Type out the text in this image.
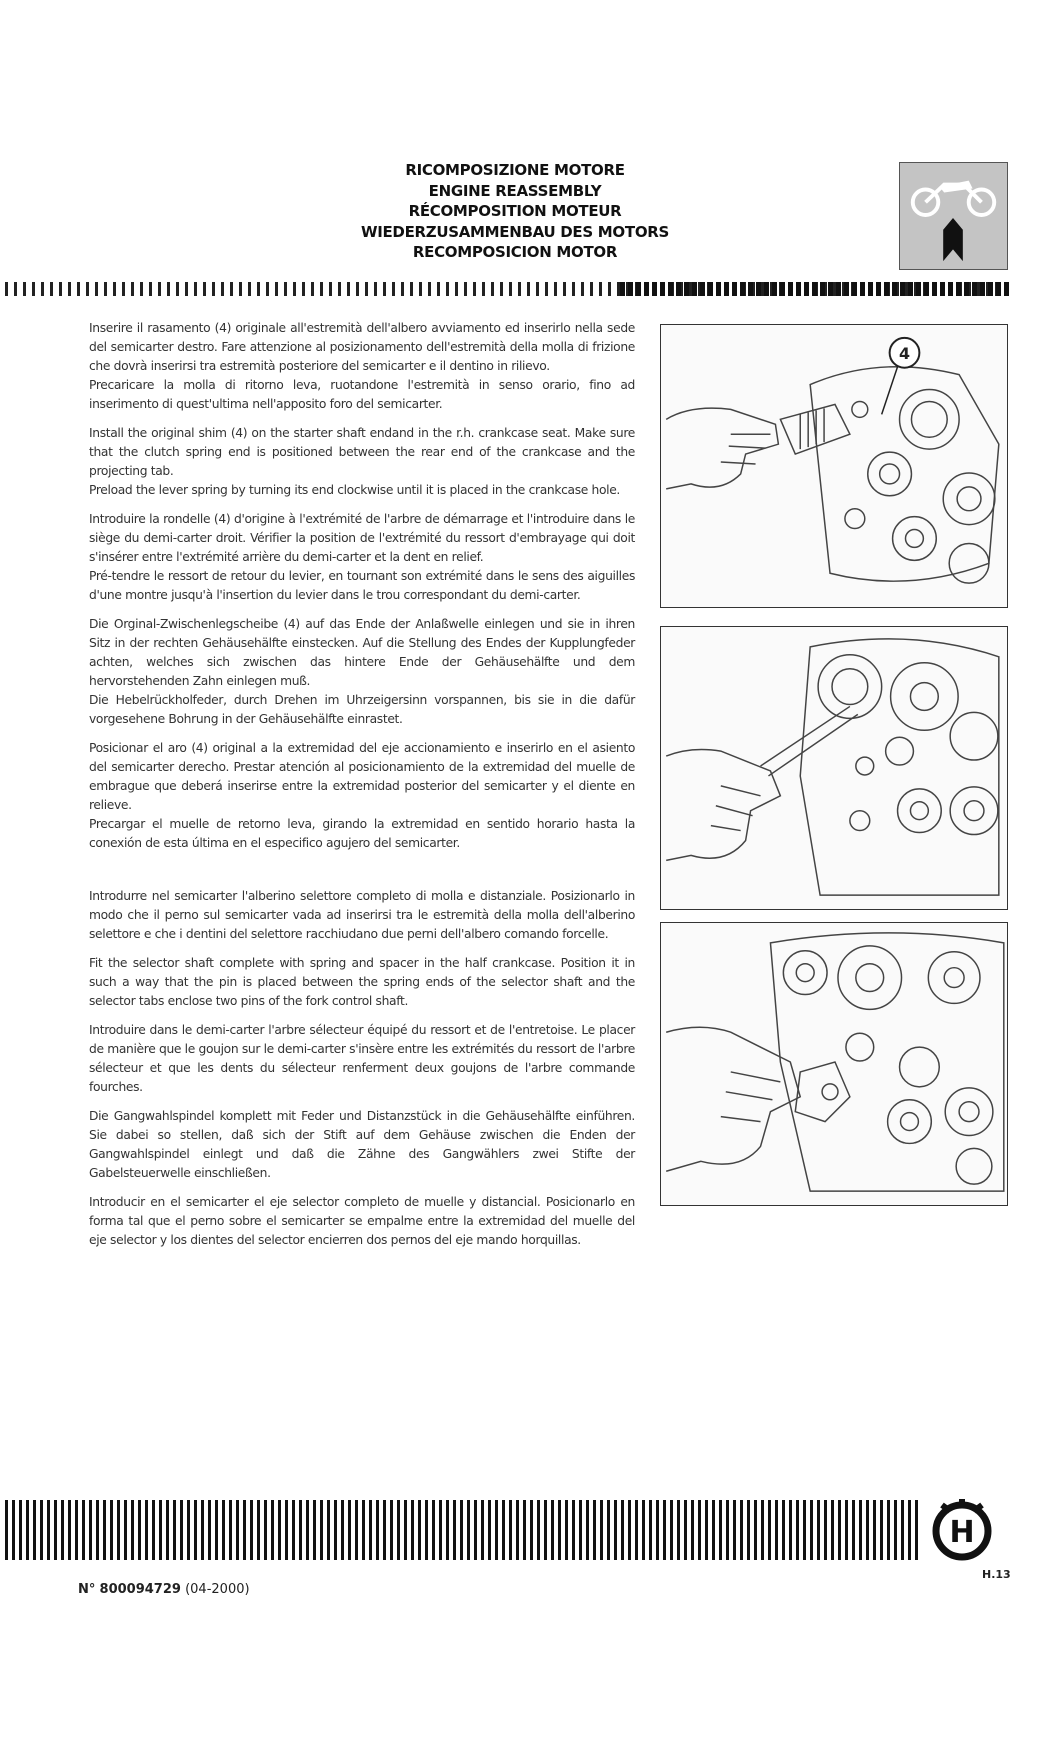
RICOMPOSIZIONE MOTORE
ENGINE REASSEMBLY
RÉCOMPOSITION MOTEUR
WIEDERZUSAMMENBAU DES MOTORS
RECOMPOSICION MOTOR

Inserire il rasamento (4) originale all'estremità dell'albero avviamento ed inserirlo nella sede del semicarter destro. Fare attenzione al posizionamento dell'estremità della molla di frizione che dovrà inserirsi tra estremità posteriore del semicarter e il dentino in rilievo.
Precaricare la molla di ritorno leva, ruotandone l'estremità in senso orario, fino ad inserimento di quest'ultima nell'apposito foro del semicarter.

Install the original shim (4) on the starter shaft endand in the r.h. crankcase seat. Make sure that the clutch spring end is positioned between the rear end of the crankcase and the projecting tab.
Preload the lever spring by turning its end clockwise until it is placed in the crankcase hole.

Introduire la rondelle (4) d'origine à l'extrémité de l'arbre de démarrage et l'introduire dans le siège du demi-carter droit. Vérifier la position de l'extrémité du ressort d'embrayage qui doit s'insérer entre l'extrémité arrière du demi-carter et la dent en relief.
Pré-tendre le ressort de retour du levier, en tournant son extrémité dans le sens des aiguilles d'une montre jusqu'à l'insertion du levier dans le trou correspondant du demi-carter.

Die Orginal-Zwischenlegscheibe (4) auf das Ende der Anlaßwelle einlegen und sie in ihren Sitz in der rechten Gehäusehälfte einstecken. Auf die Stellung des Endes der Kupplungfeder achten, welches sich zwischen das hintere Ende der Gehäusehälfte und dem hervorstehenden Zahn einlegen muß.
Die Hebelrückholfeder, durch Drehen im Uhrzeigersinn vorspannen, bis sie in die dafür vorgesehene Bohrung in der Gehäusehälfte einrastet.

Posicionar el aro (4) original a la extremidad del eje accionamiento e inserirlo en el asiento del semicarter derecho. Prestar atención al posicionamiento de la extremidad del muelle de embrague que deberá inserirse entre la extremidad posterior del semicarter y el diente en relieve.
Precargar el muelle de retorno leva, girando la extremidad en sentido horario hasta la conexión de esta última en el especifico agujero del semicarter.

Introdurre nel semicarter l'alberino selettore completo di molla e distanziale. Posizionarlo in modo che il perno sul semicarter vada ad inserirsi tra le estremità della molla dell'alberino selettore e che i dentini del selettore racchiudano due perni dell'albero comando forcelle.

Fit the selector shaft complete with spring and spacer in the half crankcase. Position it in such a way that the pin is placed between the spring ends of the selector shaft and the selector tabs enclose two pins of the fork control shaft.

Introduire dans le demi-carter l'arbre sélecteur équipé du ressort et de l'entretoise. Le placer de manière que le goujon sur le demi-carter s'insère entre les extrémités du ressort de l'arbre sélecteur et que les dents du sélecteur renferment deux goujons de l'arbre commande fourches.

Die Gangwahlspindel komplett mit Feder und Distanzstück in die Gehäusehälfte einführen. Sie dabei so stellen, daß sich der Stift auf dem Gehäuse zwischen die Enden der Gangwahlspindel einlegt und daß die Zähne des Gangwählers zwei Stifte der Gabelsteuerwelle einschließen.

Introducir en el semicarter el eje selector completo de muelle y distancial. Posicionarlo en forma tal que el perno sobre el semicarter se empalme entre la extremidad del muelle del eje selector y los dientes del selector encierren dos pernos del eje mando horquillas.

4
H
H.13
N° 800094729 (04-2000)
